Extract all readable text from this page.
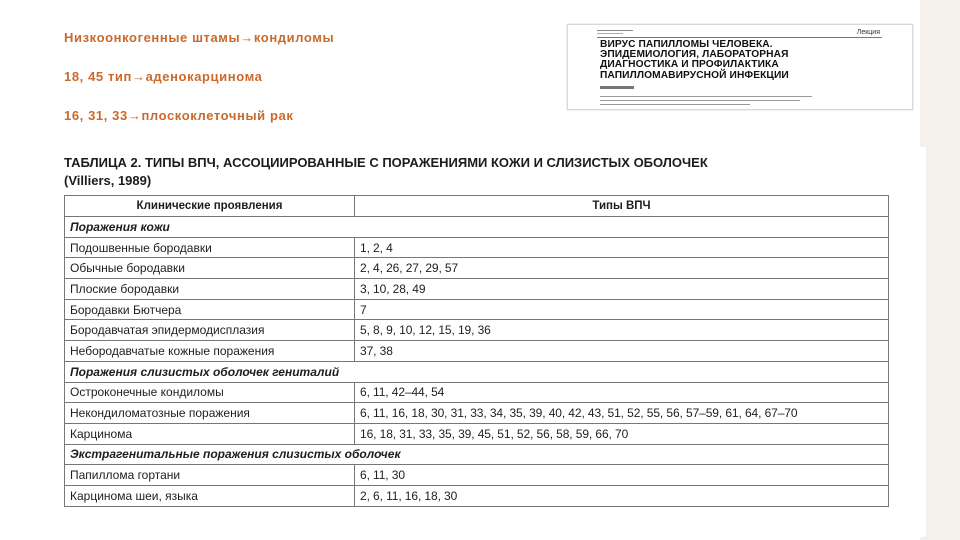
Низкоонкогенные штамы→кондиломы
18, 45 тип→аденокарцинома
16, 31, 33→плоскоклеточный рак
Лекция
ВИРУС ПАПИЛЛОМЫ ЧЕЛОВЕКА.
ЭПИДЕМИОЛОГИЯ, ЛАБОРАТОРНАЯ
ДИАГНОСТИКА И ПРОФИЛАКТИКА
ПАПИЛЛОМАВИРУСНОЙ ИНФЕКЦИИ
ТАБЛИЦА 2. ТИПЫ ВПЧ, АССОЦИИРОВАННЫЕ С ПОРАЖЕНИЯМИ КОЖИ И СЛИЗИСТЫХ ОБОЛОЧЕК
(Villiers, 1989)
Клинические проявления	Типы ВПЧ
Поражения кожи	
Подошвенные бородавки	1, 2, 4
Обычные бородавки	2, 4, 26, 27, 29, 57
Плоские бородавки	3, 10, 28, 49
Бородавки Бютчера	7
Бородавчатая эпидермодисплазия	5, 8, 9, 10, 12, 15, 19, 36
Небородавчатые кожные поражения	37, 38
Поражения слизистых оболочек гениталий	
Остроконечные кондиломы	6, 11, 42–44, 54
Некондиломатозные поражения	6, 11, 16, 18, 30, 31, 33, 34, 35, 39, 40, 42, 43, 51, 52, 55, 56, 57–59, 61, 64, 67–70
Карцинома	16, 18, 31, 33, 35, 39, 45, 51, 52, 56, 58, 59, 66, 70
Экстрагенитальные поражения слизистых оболочек	
Папиллома гортани	6, 11, 30
Карцинома шеи, языка	2, 6, 11, 16, 18, 30
